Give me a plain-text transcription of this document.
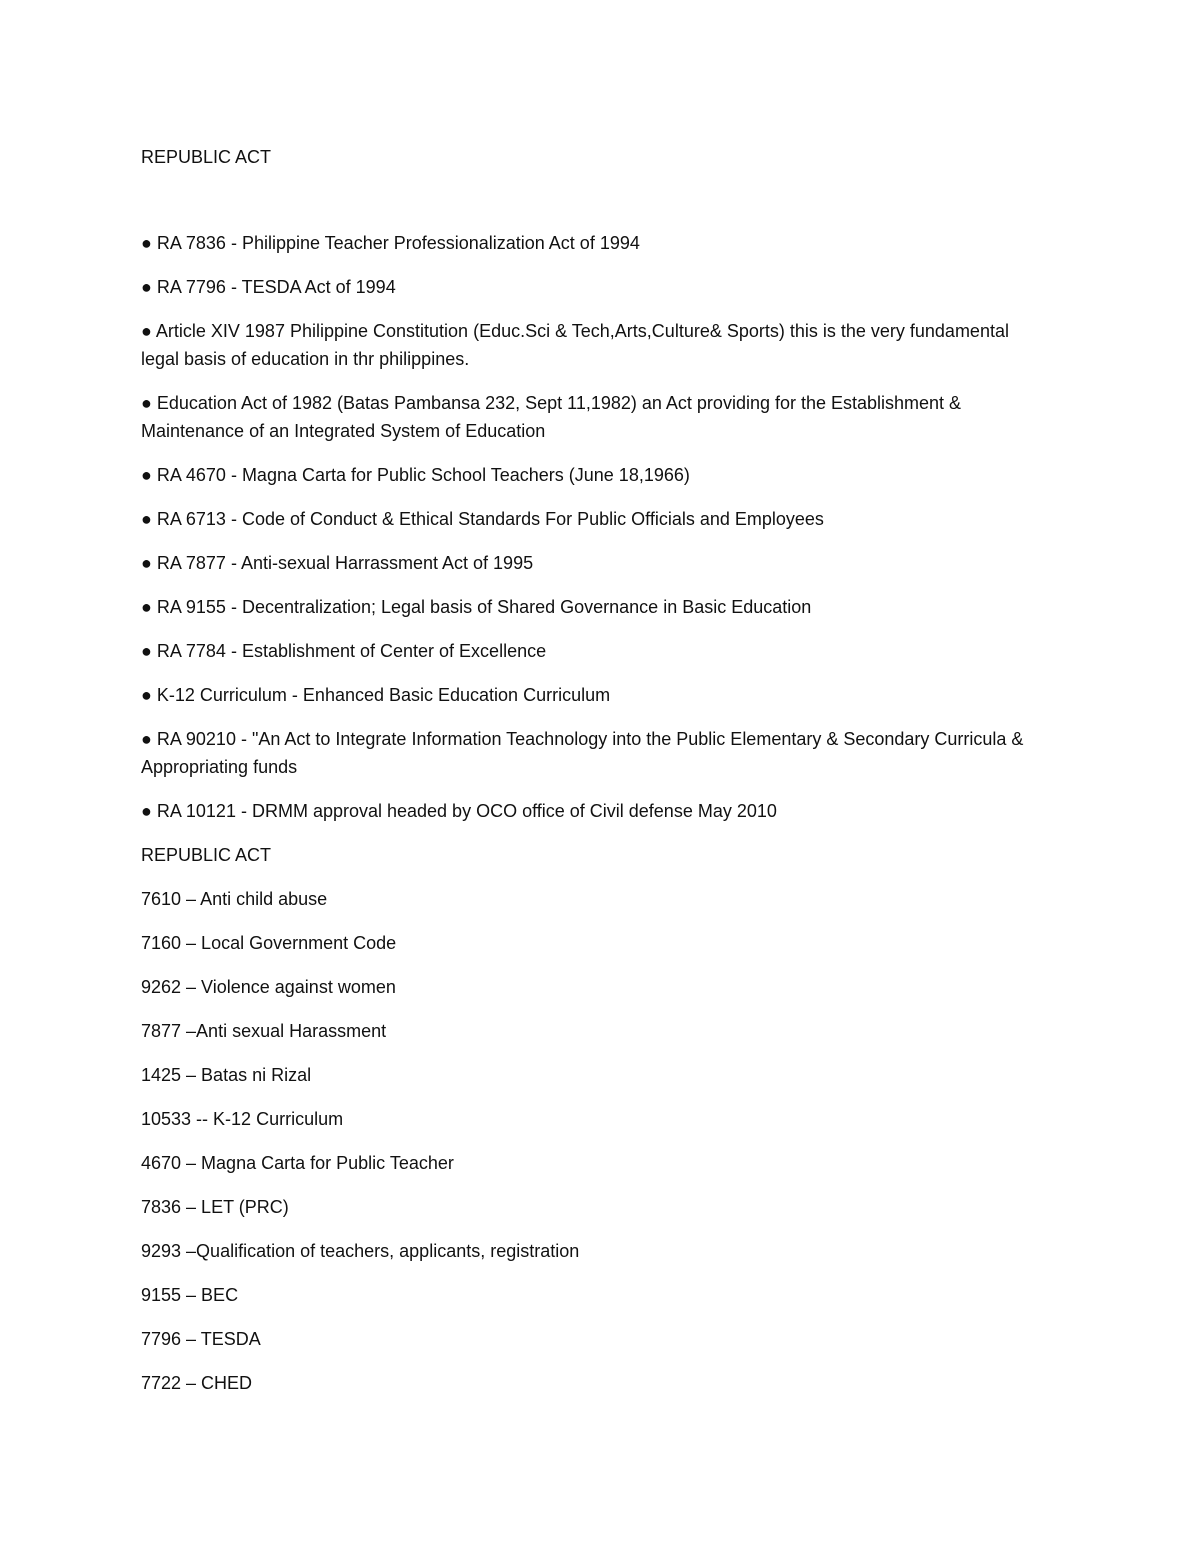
REPUBLIC ACT

● RA 7836 - Philippine Teacher Professionalization Act of 1994

● RA 7796 - TESDA Act of 1994

● Article XIV 1987 Philippine Constitution (Educ.Sci & Tech,Arts,Culture& Sports) this is the very fundamental legal basis of education in thr philippines.

● Education Act of 1982 (Batas Pambansa 232, Sept 11,1982) an Act providing for the Establishment & Maintenance of an Integrated System of Education

● RA 4670 - Magna Carta for Public School Teachers (June 18,1966)

● RA 6713 - Code of Conduct & Ethical Standards For Public Officials and Employees

● RA 7877 - Anti-sexual Harrassment Act of 1995

● RA 9155 - Decentralization; Legal basis of Shared Governance in Basic Education

● RA 7784 - Establishment of Center of Excellence

● K-12 Curriculum - Enhanced Basic Education Curriculum

● RA 90210 - "An Act to Integrate Information Teachnology into the Public Elementary & Secondary Curricula & Appropriating funds

● RA 10121 - DRMM approval headed by OCO office of Civil defense May 2010

REPUBLIC ACT

7610 – Anti child abuse

7160 – Local Government Code

9262 – Violence against women

7877 –Anti sexual Harassment

1425 – Batas ni Rizal

10533 -- K-12 Curriculum

4670 – Magna Carta for Public Teacher

7836 – LET (PRC)

9293 –Qualification of teachers, applicants, registration

9155 – BEC

7796 – TESDA

7722 – CHED
